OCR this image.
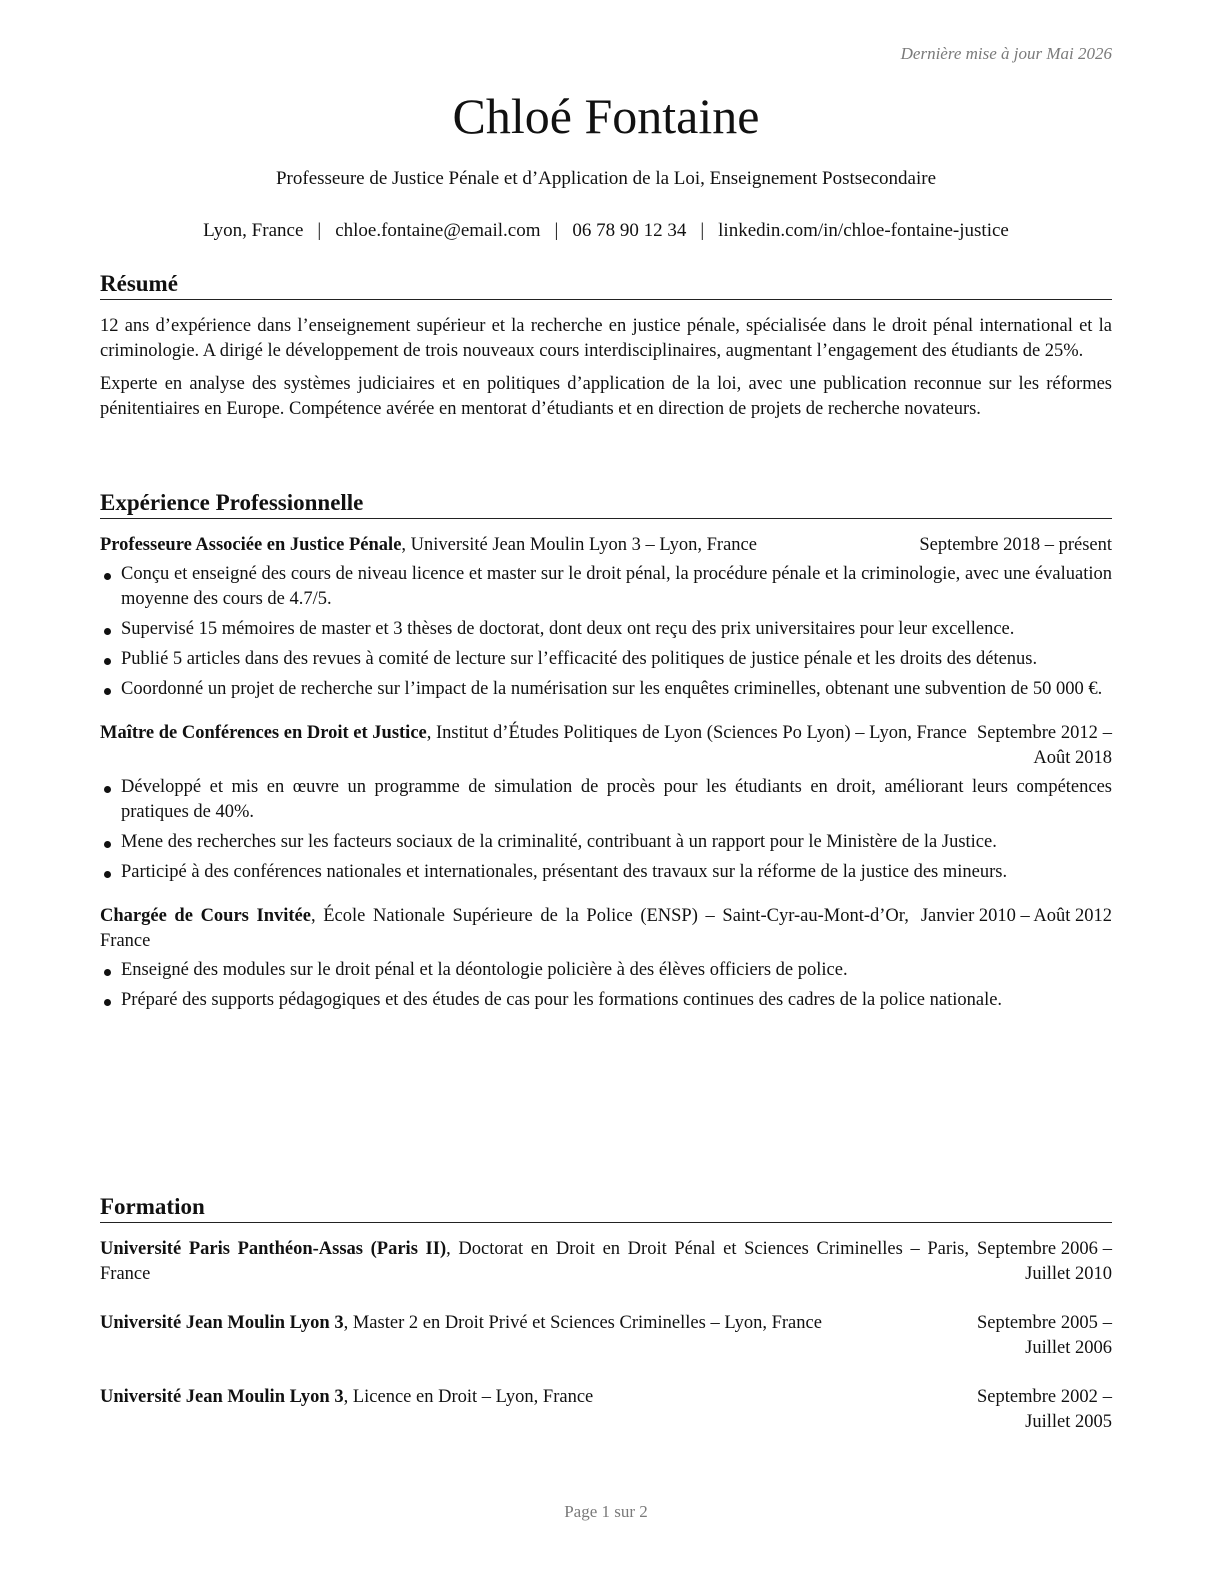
Dernière mise à jour Mai 2026
Chloé Fontaine
Professeure de Justice Pénale et d’Application de la Loi, Enseignement Postsecondaire
Lyon, France | chloe.fontaine@email.com | 06 78 90 12 34 | linkedin.com/in/chloe-fontaine-justice
Résumé

12 ans d’expérience dans l’enseignement supérieur et la recherche en justice pénale, spécialisée dans le droit pénal international et la criminologie. A dirigé le développement de trois nouveaux cours interdisciplinaires, augmentant l’engagement des étudiants de 25%.

Experte en analyse des systèmes judiciaires et en politiques d’application de la loi, avec une publication reconnue sur les réformes pénitentiaires en Europe. Compétence avérée en mentorat d’étudiants et en direction de projets de recherche novateurs.

Expérience Professionnelle
Professeure Associée en Justice Pénale, Université Jean Moulin Lyon 3 – Lyon, France	Septembre 2018 – présent
Conçu et enseigné des cours de niveau licence et master sur le droit pénal, la procédure pénale et la criminologie, avec une évaluation moyenne des cours de 4.7/5.
Supervisé 15 mémoires de master et 3 thèses de doctorat, dont deux ont reçu des prix universitaires pour leur excellence.
Publié 5 articles dans des revues à comité de lecture sur l’efficacité des politiques de justice pénale et les droits des détenus.
Coordonné un projet de recherche sur l’impact de la numérisation sur les enquêtes criminelles, obtenant une subvention de 50 000 €.
Maître de Conférences en Droit et Justice, Institut d’Études Politiques de Lyon (Sciences Po Lyon) – Lyon, France Septembre 2012 – Août 2018
Développé et mis en œuvre un programme de simulation de procès pour les étudiants en droit, améliorant leurs compétences pratiques de 40%.
Mene des recherches sur les facteurs sociaux de la criminalité, contribuant à un rapport pour le Ministère de la Justice.
Participé à des conférences nationales et internationales, présentant des travaux sur la réforme de la justice des mineurs.
Chargée de Cours Invitée, École Nationale Supérieure de la Police (ENSP) – Saint-Cyr-au-Mont-d’Or, France
Janvier 2010 – Août 2012
Enseigné des modules sur le droit pénal et la déontologie policière à des élèves officiers de police.
Préparé des supports pédagogiques et des études de cas pour les formations continues des cadres de la police nationale.
Formation
Université Paris Panthéon-Assas (Paris II), Doctorat en Droit en Droit Pénal et Sciences Criminelles – Paris, France
Septembre 2006 – Juillet 2010
Université Jean Moulin Lyon 3, Master 2 en Droit Privé et Sciences Criminelles – Lyon, France	Septembre 2005 – Juillet 2006
Université Jean Moulin Lyon 3, Licence en Droit – Lyon, France	Septembre 2002 – Juillet 2005
Page 1 sur 2
